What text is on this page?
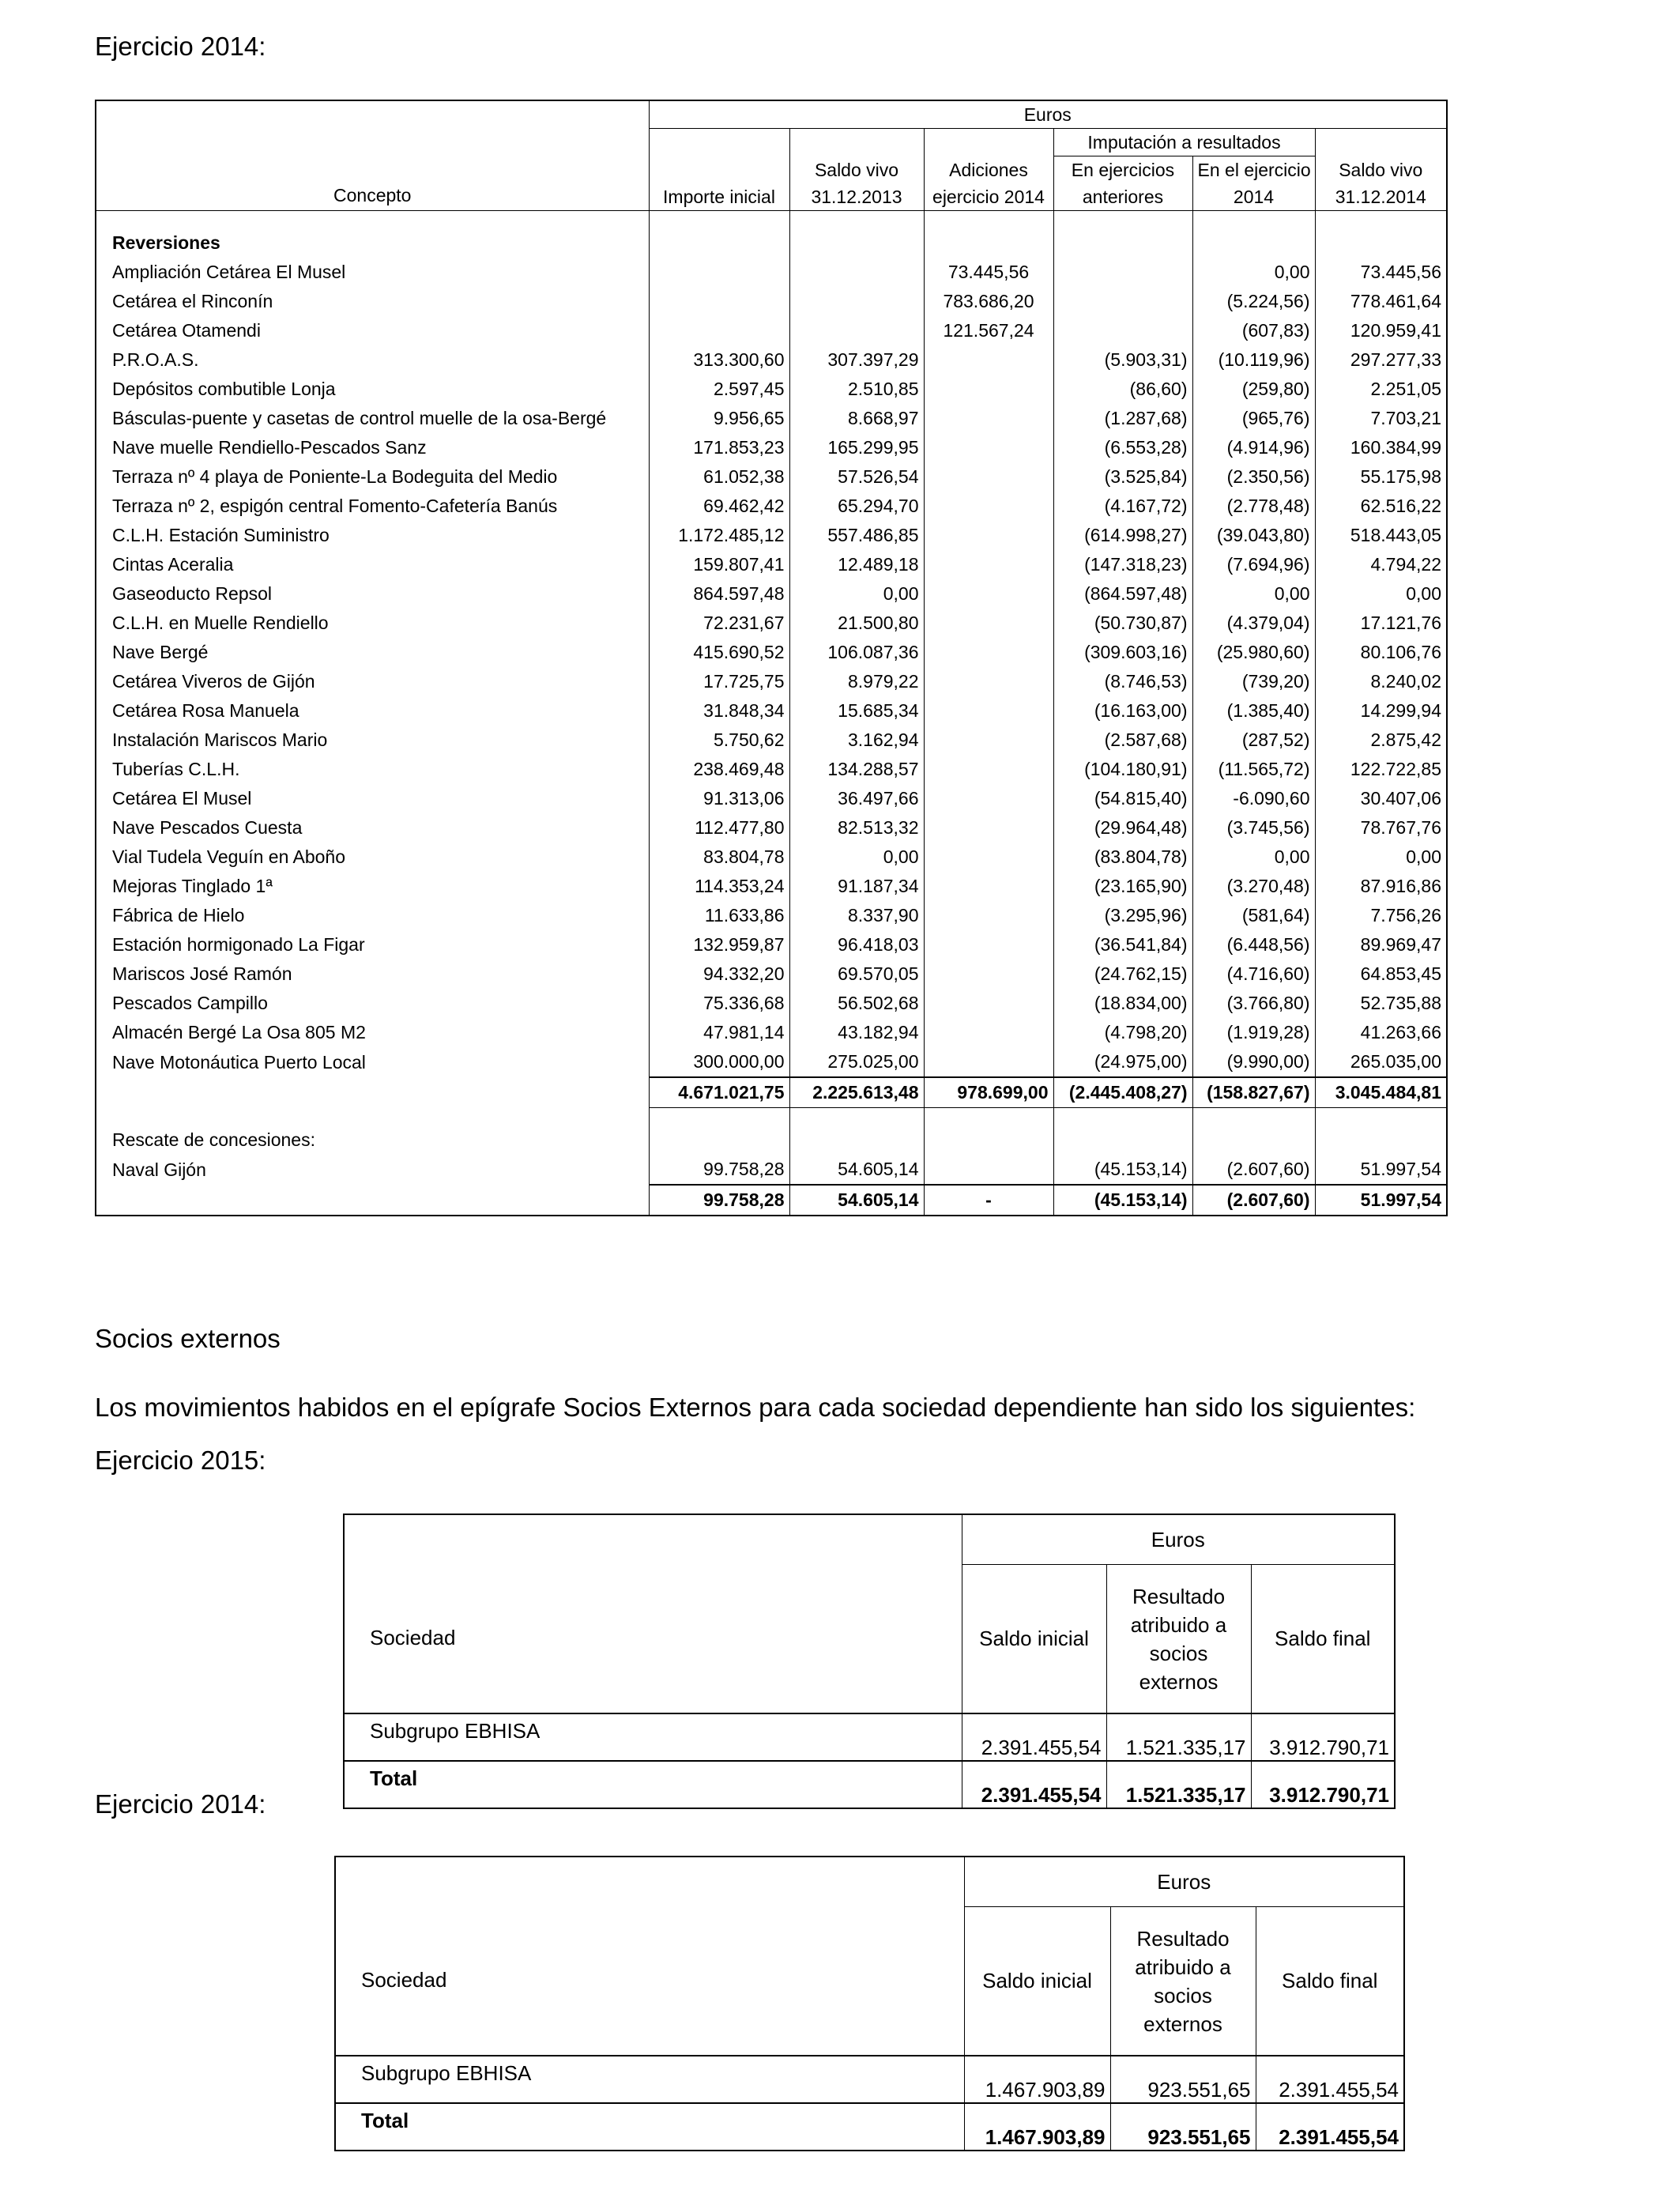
Ejercicio 2014:
Concepto	Euros					
				Imputación a resultados		
		Saldo vivo	Adiciones	En ejercicios	En el ejercicio	Saldo vivo
	Importe inicial	31.12.2013	ejercicio 2014	anteriores	2014	31.12.2014

Reversiones						
Ampliación Cetárea El Musel			73.445,56		0,00	73.445,56
Cetárea el Rinconín			783.686,20		(5.224,56)	778.461,64
Cetárea Otamendi			121.567,24		(607,83)	120.959,41
P.R.O.A.S.	313.300,60	307.397,29		(5.903,31)	(10.119,96)	297.277,33
Depósitos combutible Lonja	2.597,45	2.510,85		(86,60)	(259,80)	2.251,05
Básculas-puente y casetas de control muelle de la osa-Bergé	9.956,65	8.668,97		(1.287,68)	(965,76)	7.703,21
Nave muelle Rendiello-Pescados Sanz	171.853,23	165.299,95		(6.553,28)	(4.914,96)	160.384,99
Terraza nº 4 playa de Poniente-La Bodeguita del Medio	61.052,38	57.526,54		(3.525,84)	(2.350,56)	55.175,98
Terraza nº 2, espigón central Fomento-Cafetería Banús	69.462,42	65.294,70		(4.167,72)	(2.778,48)	62.516,22
C.L.H. Estación Suministro	1.172.485,12	557.486,85		(614.998,27)	(39.043,80)	518.443,05
Cintas Aceralia	159.807,41	12.489,18		(147.318,23)	(7.694,96)	4.794,22
Gaseoducto Repsol	864.597,48	0,00		(864.597,48)	0,00	0,00
C.L.H. en Muelle Rendiello	72.231,67	21.500,80		(50.730,87)	(4.379,04)	17.121,76
Nave Bergé	415.690,52	106.087,36		(309.603,16)	(25.980,60)	80.106,76
Cetárea Viveros de Gijón	17.725,75	8.979,22		(8.746,53)	(739,20)	8.240,02
Cetárea Rosa Manuela	31.848,34	15.685,34		(16.163,00)	(1.385,40)	14.299,94
Instalación Mariscos Mario	5.750,62	3.162,94		(2.587,68)	(287,52)	2.875,42
Tuberías C.L.H.	238.469,48	134.288,57		(104.180,91)	(11.565,72)	122.722,85
Cetárea El Musel	91.313,06	36.497,66		(54.815,40)	-6.090,60	30.407,06
Nave Pescados Cuesta	112.477,80	82.513,32		(29.964,48)	(3.745,56)	78.767,76
Vial Tudela Veguín en Aboño	83.804,78	0,00		(83.804,78)	0,00	0,00
Mejoras Tinglado 1ª	114.353,24	91.187,34		(23.165,90)	(3.270,48)	87.916,86
Fábrica de Hielo	11.633,86	8.337,90		(3.295,96)	(581,64)	7.756,26
Estación hormigonado La Figar	132.959,87	96.418,03		(36.541,84)	(6.448,56)	89.969,47
Mariscos José Ramón	94.332,20	69.570,05		(24.762,15)	(4.716,60)	64.853,45
Pescados Campillo	75.336,68	56.502,68		(18.834,00)	(3.766,80)	52.735,88
Almacén Bergé La Osa 805 M2	47.981,14	43.182,94		(4.798,20)	(1.919,28)	41.263,66
Nave Motonáutica Puerto Local	300.000,00	275.025,00		(24.975,00)	(9.990,00)	265.035,00
	4.671.021,75	2.225.613,48	978.699,00	(2.445.408,27)	(158.827,67)	3.045.484,81

Rescate de concesiones:						
Naval Gijón	99.758,28	54.605,14		(45.153,14)	(2.607,60)	51.997,54
	99.758,28	54.605,14	-	(45.153,14)	(2.607,60)	51.997,54
Socios externos
Los movimientos habidos en el epígrafe Socios Externos para cada sociedad dependiente han sido los siguientes:
Ejercicio 2015:
Sociedad	Euros		
	Saldo inicial	Resultado
atribuido a
socios
externos	Saldo final
Subgrupo EBHISA	2.391.455,54	1.521.335,17	3.912.790,71
Total	2.391.455,54	1.521.335,17	3.912.790,71
Ejercicio 2014:
Sociedad	Euros		
	Saldo inicial	Resultado
atribuido a
socios
externos	Saldo final
Subgrupo EBHISA	1.467.903,89	923.551,65	2.391.455,54
Total	1.467.903,89	923.551,65	2.391.455,54
